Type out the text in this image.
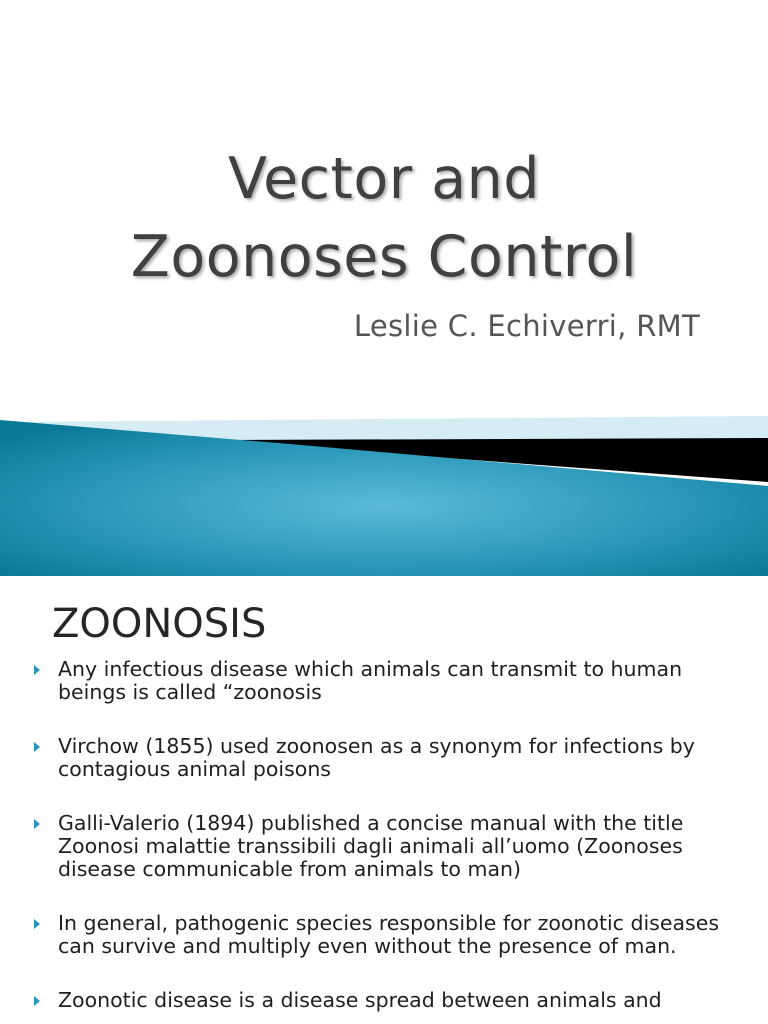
Vector and
Zoonoses Control
Leslie C. Echiverri, RMT
ZOONOSIS
Any infectious disease which animals can transmit to human beings is called “zoonosis
Virchow (1855) used zoonosen as a synonym for infections by contagious animal poisons
Galli-Valerio (1894) published a concise manual with the title Zoonosi malattie transsibili dagli animali all’uomo (Zoonoses disease communicable from animals to man)
In general, pathogenic species responsible for zoonotic diseases can survive and multiply even without the presence of man.
Zoonotic disease is a disease spread between animals and
